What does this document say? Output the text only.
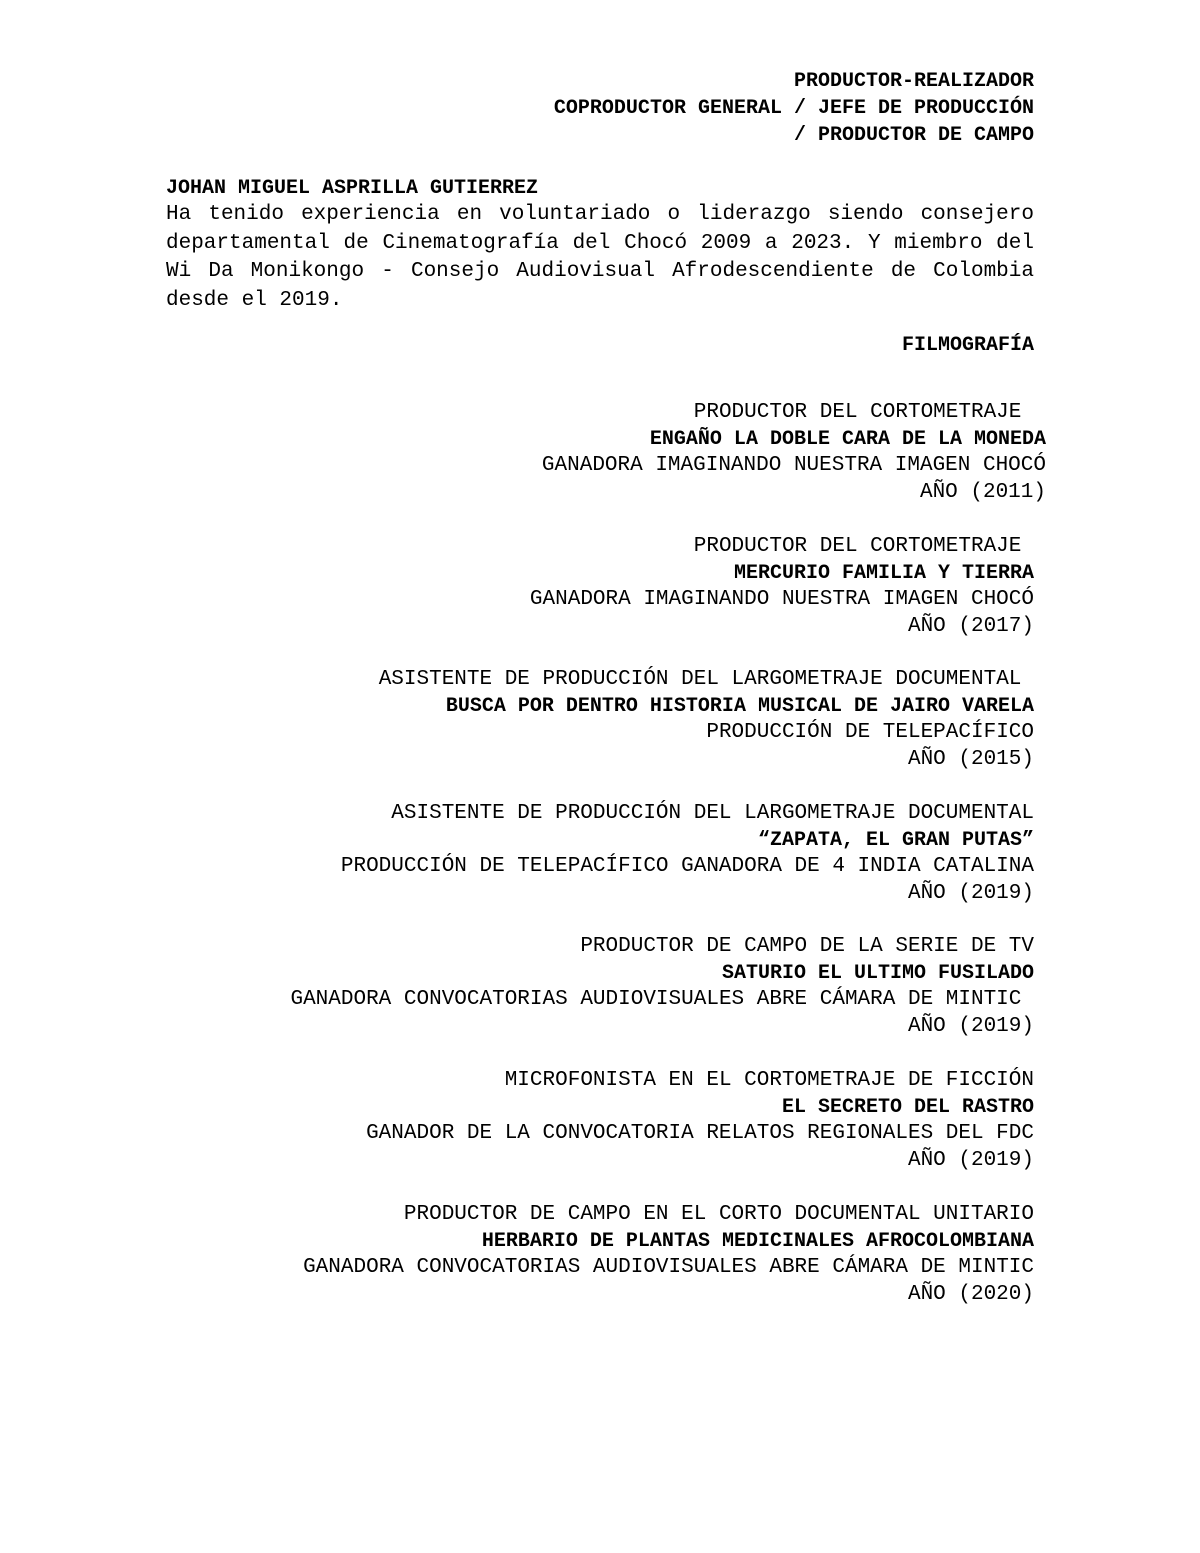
PRODUCTOR-REALIZADOR
COPRODUCTOR GENERAL / JEFE DE PRODUCCIÓN
/ PRODUCTOR DE CAMPO
JOHAN MIGUEL ASPRILLA GUTIERREZ
Ha tenido experiencia en voluntariado o liderazgo siendo consejero departamental de Cinematografía del Chocó 2009 a 2023. Y miembro del Wi Da Monikongo - Consejo Audiovisual Afrodescendiente de Colombia desde el 2019.
FILMOGRAFÍA
PRODUCTOR DEL CORTOMETRAJE
ENGAÑO LA DOBLE CARA DE LA MONEDA
GANADORA IMAGINANDO NUESTRA IMAGEN CHOCÓ
AÑO (2011)
PRODUCTOR DEL CORTOMETRAJE
MERCURIO FAMILIA Y TIERRA
GANADORA IMAGINANDO NUESTRA IMAGEN CHOCÓ
AÑO (2017)
ASISTENTE DE PRODUCCIÓN DEL LARGOMETRAJE DOCUMENTAL
BUSCA POR DENTRO HISTORIA MUSICAL DE JAIRO VARELA
PRODUCCIÓN DE TELEPACÍFICO
AÑO (2015)
ASISTENTE DE PRODUCCIÓN DEL LARGOMETRAJE DOCUMENTAL
“ZAPATA, EL GRAN PUTAS”
PRODUCCIÓN DE TELEPACÍFICO GANADORA DE 4 INDIA CATALINA
AÑO (2019)
PRODUCTOR DE CAMPO DE LA SERIE DE TV
SATURIO EL ULTIMO FUSILADO
GANADORA CONVOCATORIAS AUDIOVISUALES ABRE CÁMARA DE MINTIC
AÑO (2019)
MICROFONISTA EN EL CORTOMETRAJE DE FICCIÓN
EL SECRETO DEL RASTRO
GANADOR DE LA CONVOCATORIA RELATOS REGIONALES DEL FDC
AÑO (2019)
PRODUCTOR DE CAMPO EN EL CORTO DOCUMENTAL UNITARIO
HERBARIO DE PLANTAS MEDICINALES AFROCOLOMBIANA
GANADORA CONVOCATORIAS AUDIOVISUALES ABRE CÁMARA DE MINTIC
AÑO (2020)
